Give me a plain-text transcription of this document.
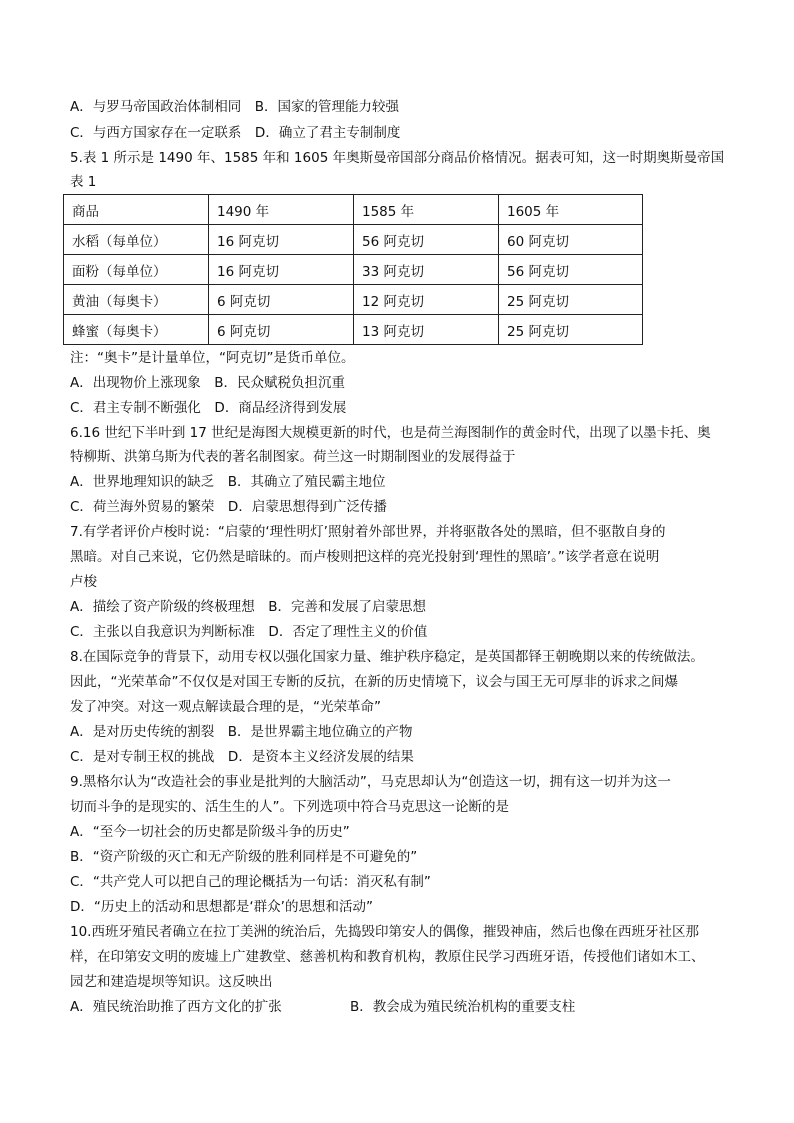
A．与罗马帝国政治体制相同　B．国家的管理能力较强
C．与西方国家存在一定联系　D．确立了君主专制制度
5.表 1 所示是 1490 年、1585 年和 1605 年奥斯曼帝国部分商品价格情况。据表可知，这一时期奥斯曼帝国
表 1
商品	1490 年	1585 年	1605 年
水稻（每单位）	16 阿克切	56 阿克切	60 阿克切
面粉（每单位）	16 阿克切	33 阿克切	56 阿克切
黄油（每奥卡）	6 阿克切	12 阿克切	25 阿克切
蜂蜜（每奥卡）	6 阿克切	13 阿克切	25 阿克切
注：“奥卡”是计量单位，“阿克切”是货币单位。
A．出现物价上涨现象　B．民众赋税负担沉重
C．君主专制不断强化　D．商品经济得到发展
6.16 世纪下半叶到 17 世纪是海图大规模更新的时代，也是荷兰海图制作的黄金时代，出现了以墨卡托、奥
特柳斯、洪第乌斯为代表的著名制图家。荷兰这一时期制图业的发展得益于
A．世界地理知识的缺乏　B．其确立了殖民霸主地位
C．荷兰海外贸易的繁荣　D．启蒙思想得到广泛传播
7.有学者评价卢梭时说：“启蒙的‘理性明灯’照射着外部世界，并将驱散各处的黑暗，但不驱散自身的
黑暗。对自己来说，它仍然是暗昧的。而卢梭则把这样的亮光投射到‘理性的黑暗’。”该学者意在说明
卢梭
A．描绘了资产阶级的终极理想　B．完善和发展了启蒙思想
C．主张以自我意识为判断标准　D．否定了理性主义的价值
8.在国际竞争的背景下，动用专权以强化国家力量、维护秩序稳定，是英国都铎王朝晚期以来的传统做法。
因此，“光荣革命”不仅仅是对国王专断的反抗，在新的历史情境下，议会与国王无可厚非的诉求之间爆
发了冲突。对这一观点解读最合理的是，“光荣革命”
A．是对历史传统的割裂　B．是世界霸主地位确立的产物
C．是对专制王权的挑战　D．是资本主义经济发展的结果
9.黑格尔认为“改造社会的事业是批判的大脑活动”，马克思却认为“创造这一切，拥有这一切并为这一
切而斗争的是现实的、活生生的人”。下列选项中符合马克思这一论断的是
A．“至今一切社会的历史都是阶级斗争的历史”
B．“资产阶级的灭亡和无产阶级的胜利同样是不可避免的”
C．“共产党人可以把自己的理论概括为一句话：消灭私有制”
D．“历史上的活动和思想都是‘群众’的思想和活动”
10.西班牙殖民者确立在拉丁美洲的统治后，先捣毁印第安人的偶像，摧毁神庙，然后也像在西班牙社区那
样，在印第安文明的废墟上广建教堂、慈善机构和教育机构，教原住民学习西班牙语，传授他们诸如木工、
园艺和建造堤坝等知识。这反映出
A．殖民统治助推了西方文化的扩张	B．教会成为殖民统治机构的重要支柱
